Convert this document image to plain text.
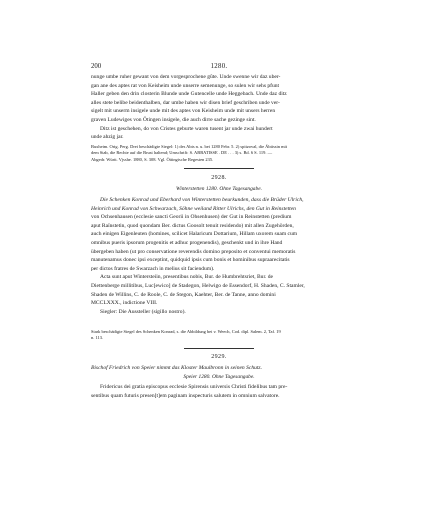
200	1280.

nunge umbe ruher gewant von dem vorgesprochene gûte. Unde swenne wir daz uber-

gan ane des aptes rat von Keisheim unde unserre semenunge, so sulen wir sehs pfunt

Haller geben den drin closterin Blunde unde Gutencelle unde Heggebach. Unde daz ditz

alles stete belibe beidenthalben, dar umbe haben wir disen brief geschriben unde ver-

sigelt mit unserm insigele unde mit des aptes von Keisheim unde mit unsers herren

graven Ludewiges von Ötingen insigele, die auch dirre sache gezinge sint.

Ditz ist geschehen, do von Cristes geburte waren tusent jar unde zwai hundert

unde ahzig jar.

Buxheim. Orig. Perg. Drei beschädigte Siegel: 1) des Abts n. u. bei 1280 Febr. 5. 2) spitzoval, die Äbtissin mit

dem Stab, die Rechte auf die Brust haltend; Umschrift: S. ABBATISSE . DE . . . 3) s. Bd. 6 S. 119. —

Abgedr. Württ. Vjsshe. 1880, S. 308. Vgl. Öttingische Regesten 235.

2928.
Winterstetten 1280. Ohne Tagesangabe.

Die Schenken Konrad und Eberhard von Winterstetten beurkunden, dass die Brüder Ulrich,

Heinrich und Konrad von Schwarzach, Söhne weiland Ritter Ulrichs, den Gut in Reinstetten

von Ochsenhausen (ecclesie sancti Georii in Ohsenhusen) der Gut in Reinstetten (predium

aput Raïnstetin, quod quondam Ber. dictus Goosolt tenuit residendo) mit allen Zugehörden,

auch einigen Eigenleuten (homines, scilicet Halaricum Dottarium, Hillam uxorem suam cum

omnibus pueris ipsorum progenitis et adhuc progenendis), geschenkt und in ihre Hand

übergeben haben (ut pro conservatione reverendis domino preposito et conventui memoratis

manutenamus donec ipsi exceptint, quidquid ipsis cum bonis et hominibus supraarecitatis

per dictos fratres de Swarzach in melius sit faciendum).

Acta sunt aput Wintersteiin, presentibus nobis, Bur. de Humbrehtsriet, Bur. de

Diettenberge millitibus, Luc[ewico] de Stadegon, Helwigo de Essendorf, H. Shaden, C. Stamler,

Shaden de Willins, C. de Roole, C. de Stegon, Kaehter, Ber. de Tanne, anno domini

MCCLXXX., indictione VIII.

Siegler: Die Aussteller (sigillo nostro).

Stark beschädigte Siegel des Schenken Konrad, s. die Abbildung bei v. Weech, Cod. dipl. Salem. 2, Taf. 19

n. 113.

2929.

Bischof Friedrich von Speier nimmt das Kloster Maulbronn in seinen Schutz.

Speier 1280. Ohne Tagesangabe.

Fridericus dei gratia episcopus ecclesie Spirensis universis Christi fidelibus tam pre-

sentibus quam futuris presen[t]em paginam inspecturis salutem in omnium salvatore.
